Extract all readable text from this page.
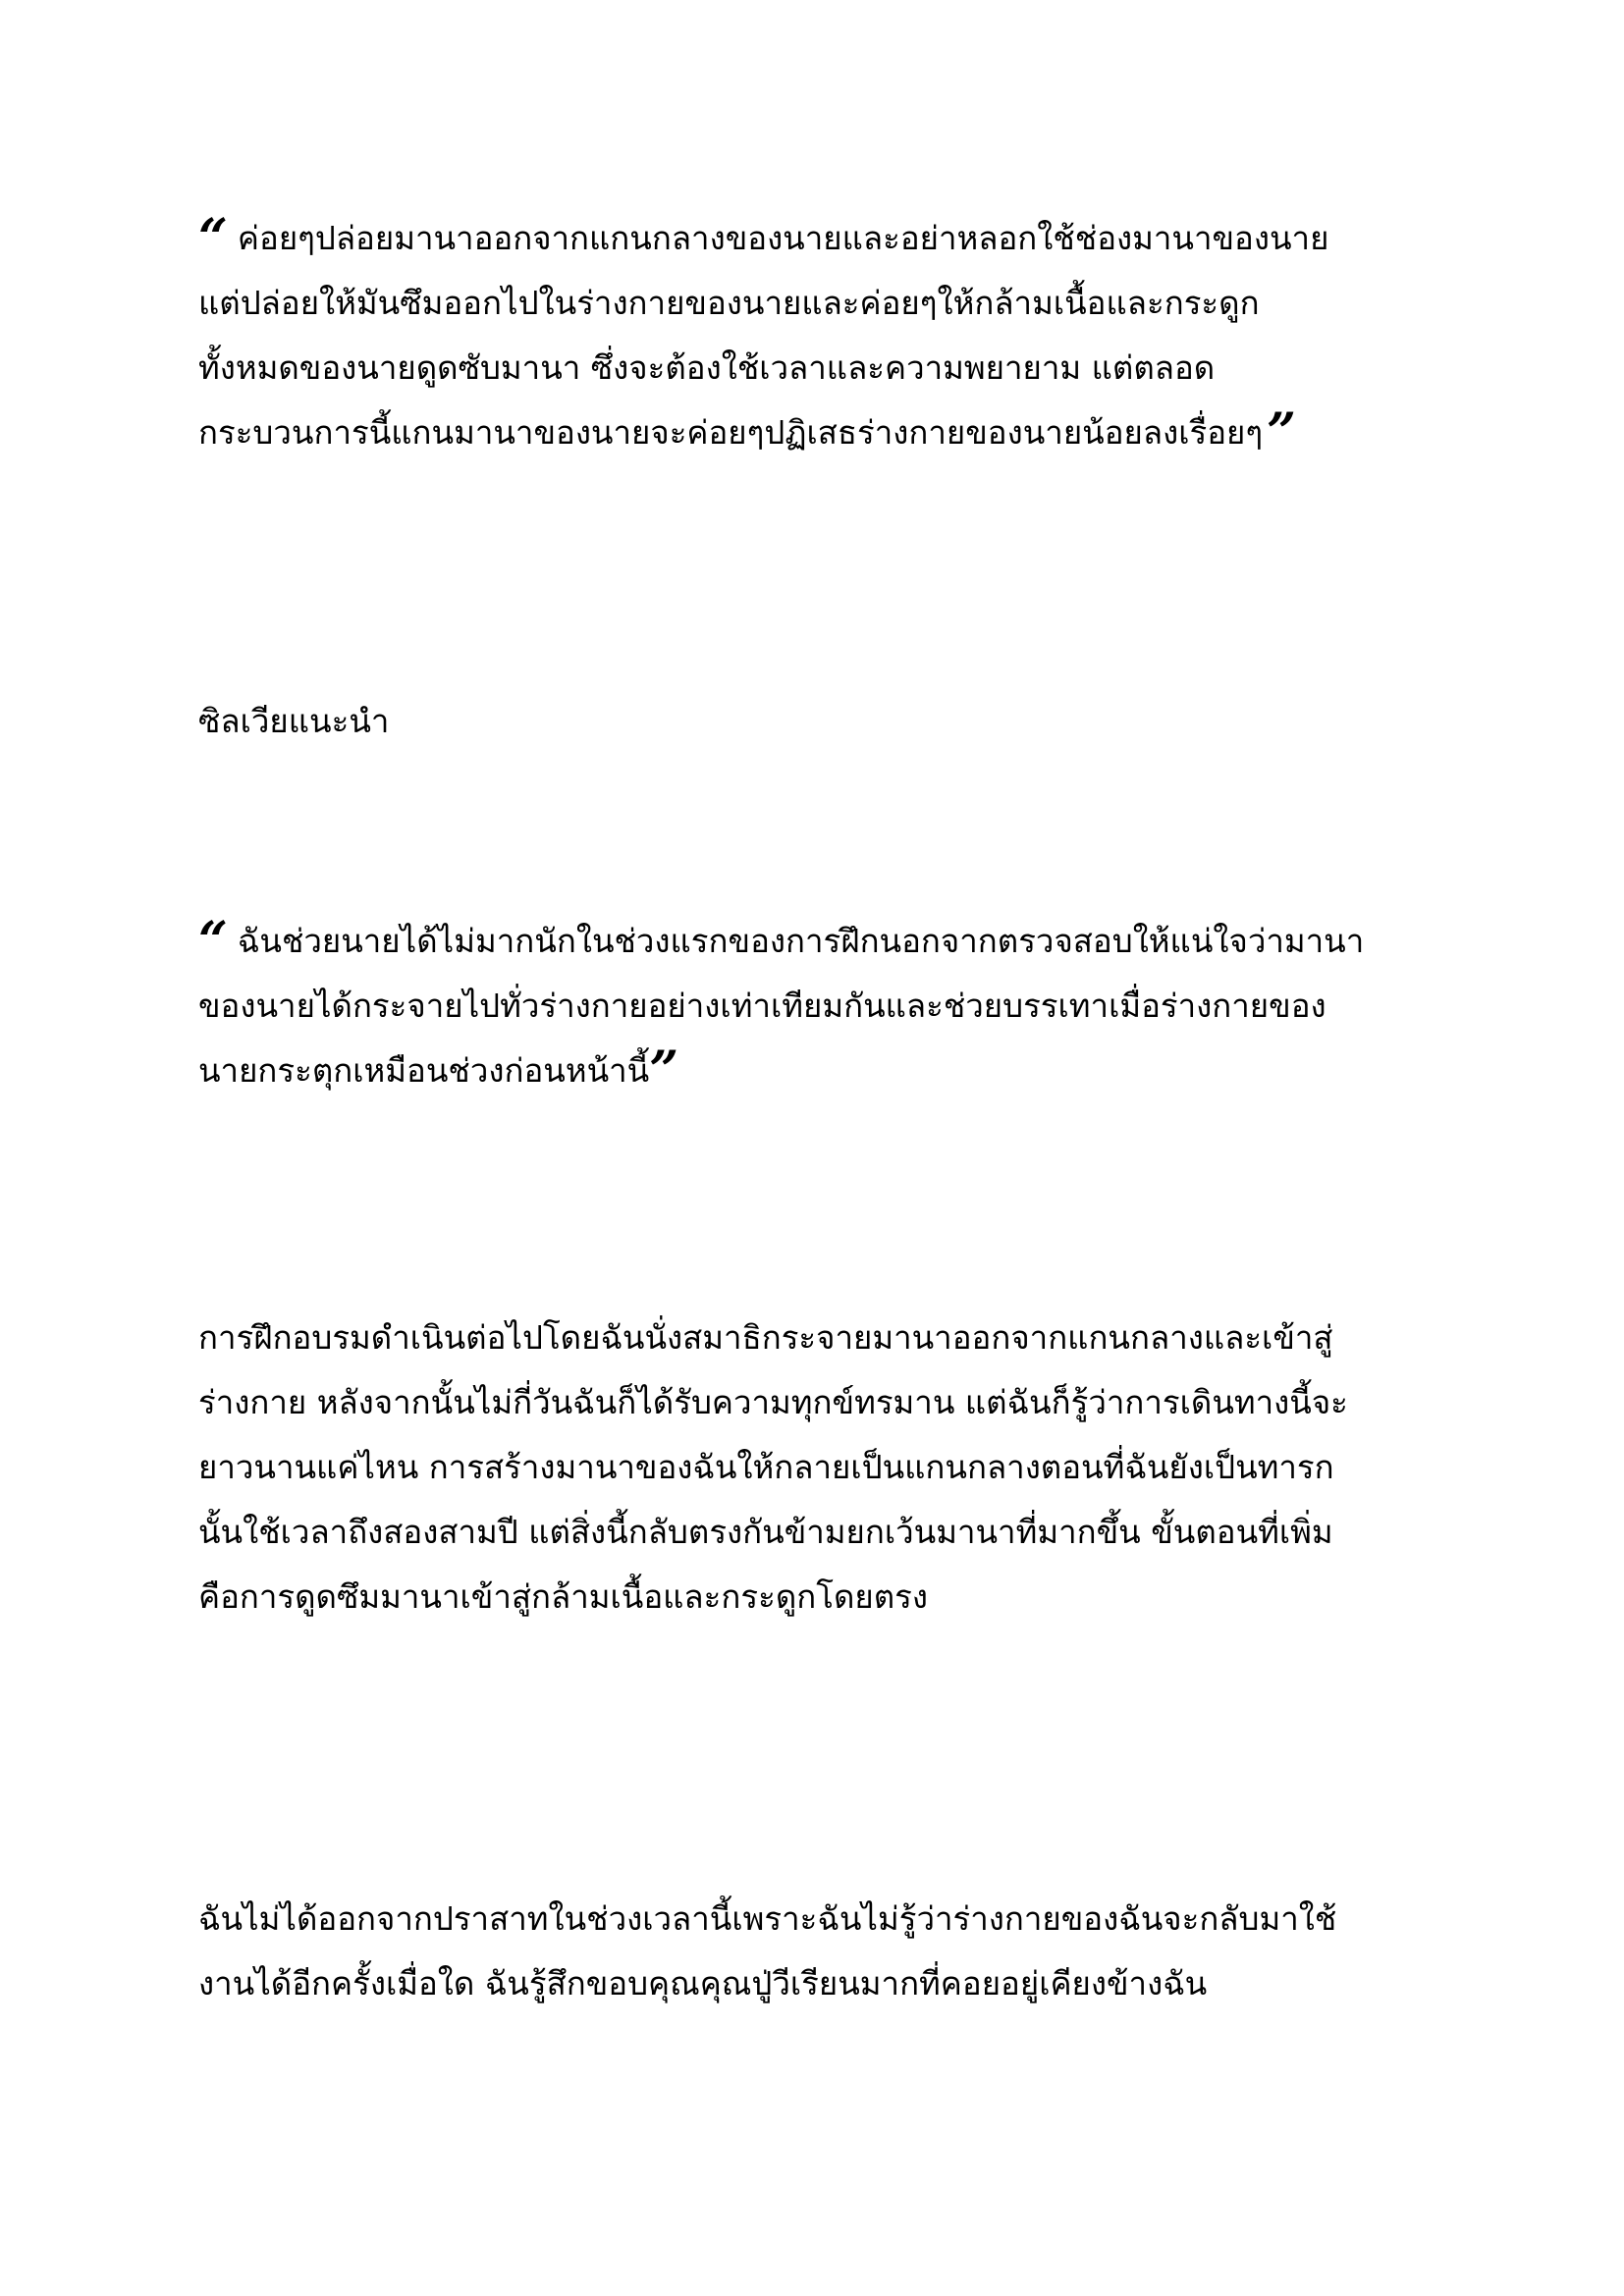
“ ค่อยๆปล่อยมานาออกจากแกนกลางของนายและอย่าหลอกใช้ช่องมานาของนาย
แต่ปล่อยให้มันซึมออกไปในร่างกายของนายและค่อยๆให้กล้ามเนื้อและกระดูก
ทั้งหมดของนายดูดซับมานา ซึ่งจะต้องใช้เวลาและความพยายาม แต่ตลอด
กระบวนการนี้แกนมานาของนายจะค่อยๆปฏิเสธร่างกายของนายน้อยลงเรื่อยๆ”
ซิลเวียแนะนำ
“ ฉันช่วยนายได้ไม่มากนักในช่วงแรกของการฝึกนอกจากตรวจสอบให้แน่ใจว่ามานา
ของนายได้กระจายไปทั่วร่างกายอย่างเท่าเทียมกันและช่วยบรรเทาเมื่อร่างกายของ
นายกระตุกเหมือนช่วงก่อนหน้านี้”
การฝึกอบรมดำเนินต่อไปโดยฉันนั่งสมาธิกระจายมานาออกจากแกนกลางและเข้าสู่
ร่างกาย หลังจากนั้นไม่กี่วันฉันก็ได้รับความทุกข์ทรมาน แต่ฉันก็รู้ว่าการเดินทางนี้จะ
ยาวนานแค่ไหน การสร้างมานาของฉันให้กลายเป็นแกนกลางตอนที่ฉันยังเป็นทารก
นั้นใช้เวลาถึงสองสามปี แต่สิ่งนี้กลับตรงกันข้ามยกเว้นมานาที่มากขึ้น ขั้นตอนที่เพิ่ม
คือการดูดซึมมานาเข้าสู่กล้ามเนื้อและกระดูกโดยตรง
ฉันไม่ได้ออกจากปราสาทในช่วงเวลานี้เพราะฉันไม่รู้ว่าร่างกายของฉันจะกลับมาใช้
งานได้อีกครั้งเมื่อใด ฉันรู้สึกขอบคุณคุณปู่วีเรียนมากที่คอยอยู่เคียงข้างฉัน
